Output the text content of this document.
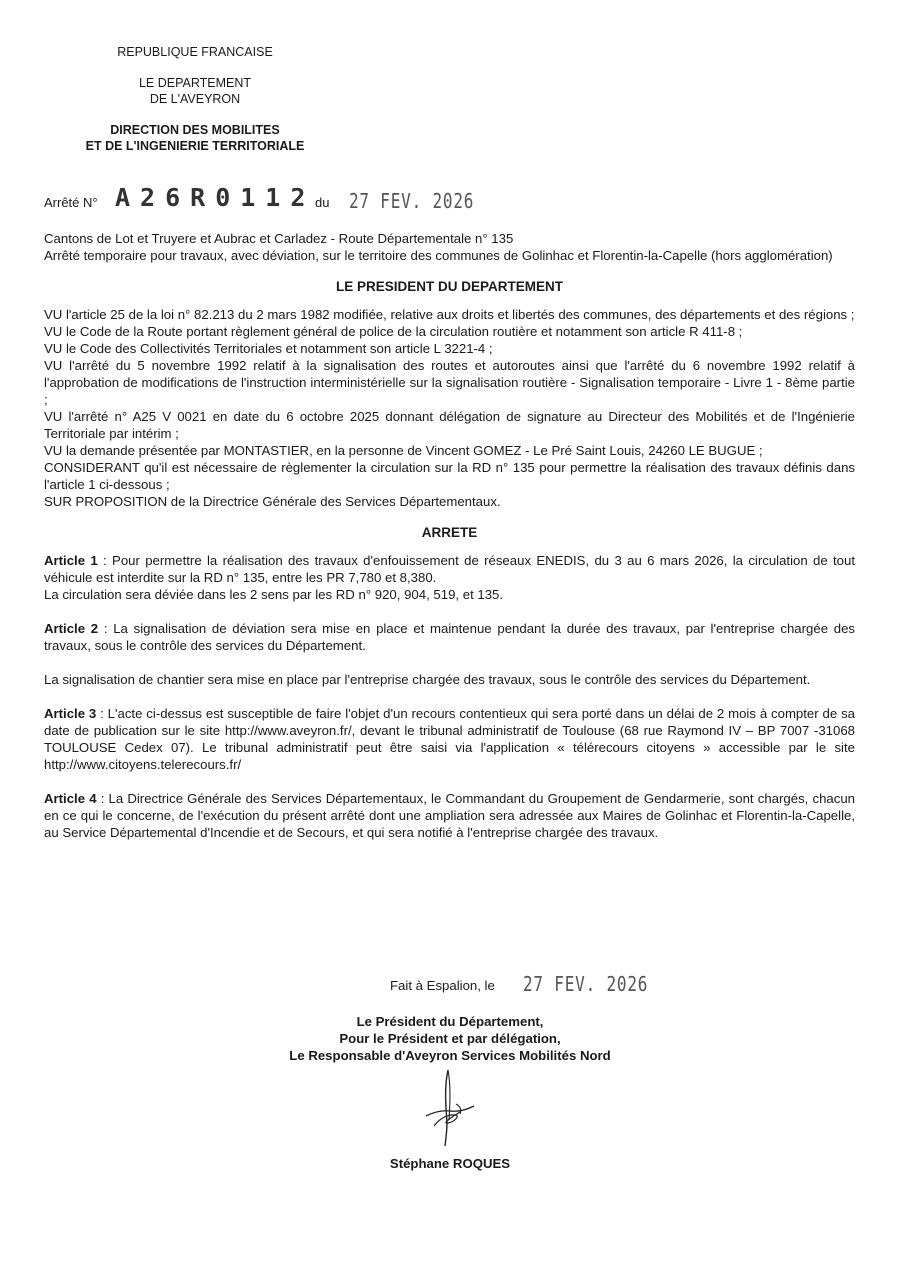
REPUBLIQUE FRANCAISE
LE DEPARTEMENT
DE L'AVEYRON
DIRECTION DES MOBILITES
ET DE L'INGENIERIE TERRITORIALE
Arrêté N° A26R0112 du 27 FEV. 2026

Cantons de Lot et Truyere et Aubrac et Carladez - Route Départementale n° 135

Arrêté temporaire pour travaux, avec déviation, sur le territoire des communes de Golinhac et Florentin-la-Capelle (hors agglomération)

LE PRESIDENT DU DEPARTEMENT

VU l'article 25 de la loi n° 82.213 du 2 mars 1982 modifiée, relative aux droits et libertés des communes, des départements et des régions ;

VU le Code de la Route portant règlement général de police de la circulation routière et notamment son article R 411-8 ;

VU le Code des Collectivités Territoriales et notamment son article L 3221-4 ;

VU l'arrêté du 5 novembre 1992 relatif à la signalisation des routes et autoroutes ainsi que l'arrêté du 6 novembre 1992 relatif à l'approbation de modifications de l'instruction interministérielle sur la signalisation routière - Signalisation temporaire - Livre 1 - 8ème partie ;

VU l'arrêté n° A25 V 0021 en date du 6 octobre 2025 donnant délégation de signature au Directeur des Mobilités et de l'Ingénierie Territoriale par intérim ;

VU la demande présentée par MONTASTIER, en la personne de Vincent GOMEZ - Le Pré Saint Louis, 24260 LE BUGUE ;

CONSIDERANT qu'il est nécessaire de règlementer la circulation sur la RD n° 135 pour permettre la réalisation des travaux définis dans l'article 1 ci-dessous ;

SUR PROPOSITION de la Directrice Générale des Services Départementaux.

ARRETE

Article 1 : Pour permettre la réalisation des travaux d'enfouissement de réseaux ENEDIS, du 3 au 6 mars 2026, la circulation de tout véhicule est interdite sur la RD n° 135, entre les PR 7,780 et 8,380.

La circulation sera déviée dans les 2 sens par les RD n° 920, 904, 519, et 135.

Article 2 : La signalisation de déviation sera mise en place et maintenue pendant la durée des travaux, par l'entreprise chargée des travaux, sous le contrôle des services du Département.

La signalisation de chantier sera mise en place par l'entreprise chargée des travaux, sous le contrôle des services du Département.

Article 3 : L'acte ci-dessus est susceptible de faire l'objet d'un recours contentieux qui sera porté dans un délai de 2 mois à compter de sa date de publication sur le site http://www.aveyron.fr/, devant le tribunal administratif de Toulouse (68 rue Raymond IV – BP 7007 -31068 TOULOUSE Cedex 07). Le tribunal administratif peut être saisi via l'application « télérecours citoyens » accessible par le site http://www.citoyens.telerecours.fr/

Article 4 : La Directrice Générale des Services Départementaux, le Commandant du Groupement de Gendarmerie, sont chargés, chacun en ce qui le concerne, de l'exécution du présent arrêté dont une ampliation sera adressée aux Maires de Golinhac et Florentin-la-Capelle, au Service Départemental d'Incendie et de Secours, et qui sera notifié à l'entreprise chargée des travaux.

Fait à Espalion, le 27 FEV. 2026
Le Président du Département,
Pour le Président et par délégation,
Le Responsable d'Aveyron Services Mobilités Nord
Stéphane ROQUES
